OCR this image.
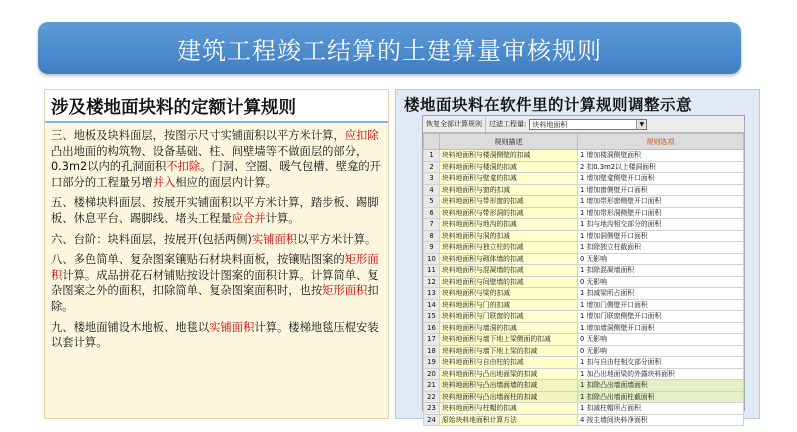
建筑工程竣工结算的土建算量审核规则
涉及楼地面块料的定额计算规则

三、地板及块料面层，按图示尺寸实铺面积以平方米计算，应扣除凸出地面的构筑物、设备基础、柱、间壁墙等不做面层的部分，0.3m2以内的孔洞面积不扣除。门洞、空圈、暖气包槽、壁龛的开口部分的工程量另增并入相应的面层内计算。

五、楼梯块料面层、按展开实铺面积以平方米计算，踏步板、踢脚板、休息平台、踢脚线、堵头工程量应合并计算。

六、台阶：块料面层，按展开(包括两侧)实铺面积以平方米计算。

八、多色简单、复杂图案镶贴石材块料面板，按镶贴图案的矩形面积计算。成品拼花石材铺贴按设计图案的面积计算。计算简单、复杂图案之外的面积，扣除简单、复杂图案面积时，也按矩形面积扣除。

九、楼地面铺设木地板、地毯以实铺面积计算。楼梯地毯压棍安装以套计算。

楼地面块料在软件里的计算规则调整示意
恢复全部计算规则	过滤工程量: 块料地面积	▼
	规则描述	规则选项
1	块料地面积与楼洞侧壁的扣减	1 增加楼洞侧壁面积
2	块料地面积与楼洞的扣减	2 扣0.3m2以上楼洞面积
3	块料地面积与壁龛的扣减	1 增加壁龛侧壁开口面积
4	块料地面积与窗的扣减	1 增加窗侧壁开口面积
5	块料地面积与带形窗的扣减	1 增加带形窗侧壁开口面积
6	块料地面积与带形洞的扣减	1 增加带形洞侧壁开口面积
7	块料地面积与地沟的扣减	1 扣与地沟相交部分的面积
8	块料地面积与洞的扣减	1 增加洞侧壁开口面积
9	块料地面积与独立柱的扣减	1 扣除独立柱截面积
10	块料地面积与砌体墙的扣减	0 无影响
11	块料地面积与混凝墙的扣减	1 扣除混凝墙面积
12	块料地面积与间壁墙的扣减	0 无影响
13	块料地面积与梁的扣减	1 扣减梁所占面积
14	块料地面积与门的扣减	1 增加门侧壁开口面积
15	块料地面积与门联窗的扣减	1 增加门联窗侧壁开口面积
16	块料地面积与墙洞的扣减	1 增加墙洞侧壁开口面积
17	块料地面积与墙下地上梁侧面的扣减	0 无影响
18	块料地面积与墙下地上梁的扣减	0 无影响
19	块料地面积与自由柱的扣减	1 扣与自由柱相交部分面积
20	块料地面积与凸出地面梁的扣减	1 加凸出地面梁的外露块料面积
21	块料地面积与凸出墙面墙的扣减	1 扣除凸出墙面墙面积
22	块料地面积与凸出墙面柱的扣减	1 扣除凸出墙面柱截面积
23	块料地面积与柱帽的扣减	1 扣减柱帽所占面积
24	原始块料地面积计算方法	4 按主墙间块料净面积
